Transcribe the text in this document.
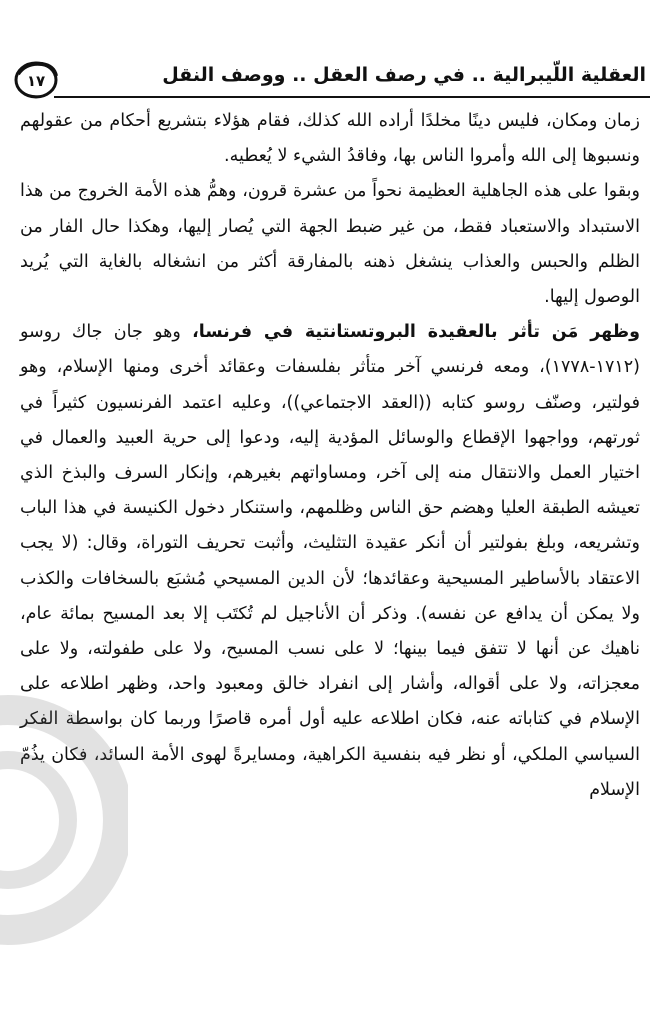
١٧	العقلية اللّيبرالية .. في رصف العقل .. ووصف النقل

زمان ومكان، فليس دينًا مخلدًا أراده الله كذلك، فقام هؤلاء بتشريع أحكام من عقولهم ونسبوها إلى الله وأمروا الناس بها، وفاقدُ الشيء لا يُعطيه.

وبقوا على هذه الجاهلية العظيمة نحواً من عشرة قرون، وهمُّ هذه الأمة الخروج من هذا الاستبداد والاستعباد فقط، من غير ضبط الجهة التي يُصار إليها، وهكذا حال الفار من الظلم والحبس والعذاب ينشغل ذهنه بالمفارقة أكثر من انشغاله بالغاية التي يُريد الوصول إليها.

وظهر مَن تأثر بالعقيدة البروتستانتية في فرنسا، وهو جان جاك روسو (١٧١٢-١٧٧٨)، ومعه فرنسي آخر متأثر بفلسفات وعقائد أخرى ومنها الإسلام، وهو فولتير، وصنّف روسو كتابه ((العقد الاجتماعي))، وعليه اعتمد الفرنسيون كثيراً في ثورتهم، وواجهوا الإقطاع والوسائل المؤدية إليه، ودعوا إلى حرية العبيد والعمال في اختيار العمل والانتقال منه إلى آخر، ومساواتهم بغيرهم، وإنكار السرف والبذخ الذي تعيشه الطبقة العليا وهضم حق الناس وظلمهم، واستنكار دخول الكنيسة في هذا الباب وتشريعه، وبلغ بفولتير أن أنكر عقيدة التثليث، وأثبت تحريف التوراة، وقال: (لا يجب الاعتقاد بالأساطير المسيحية وعقائدها؛ لأن الدين المسيحي مُشبَع بالسخافات والكذب ولا يمكن أن يدافع عن نفسه). وذكر أن الأناجيل لم تُكتَب إلا بعد المسيح بمائة عام، ناهيك عن أنها لا تتفق فيما بينها؛ لا على نسب المسيح، ولا على طفولته، ولا على معجزاته، ولا على أقواله، وأشار إلى انفراد خالق ومعبود واحد، وظهر اطلاعه على الإسلام في كتاباته عنه، فكان اطلاعه عليه أول أمره قاصرًا وربما كان بواسطة الفكر السياسي الملكي، أو نظر فيه بنفسية الكراهية، ومسايرةً لهوى الأمة السائد، فكان يذُمّ الإسلام
